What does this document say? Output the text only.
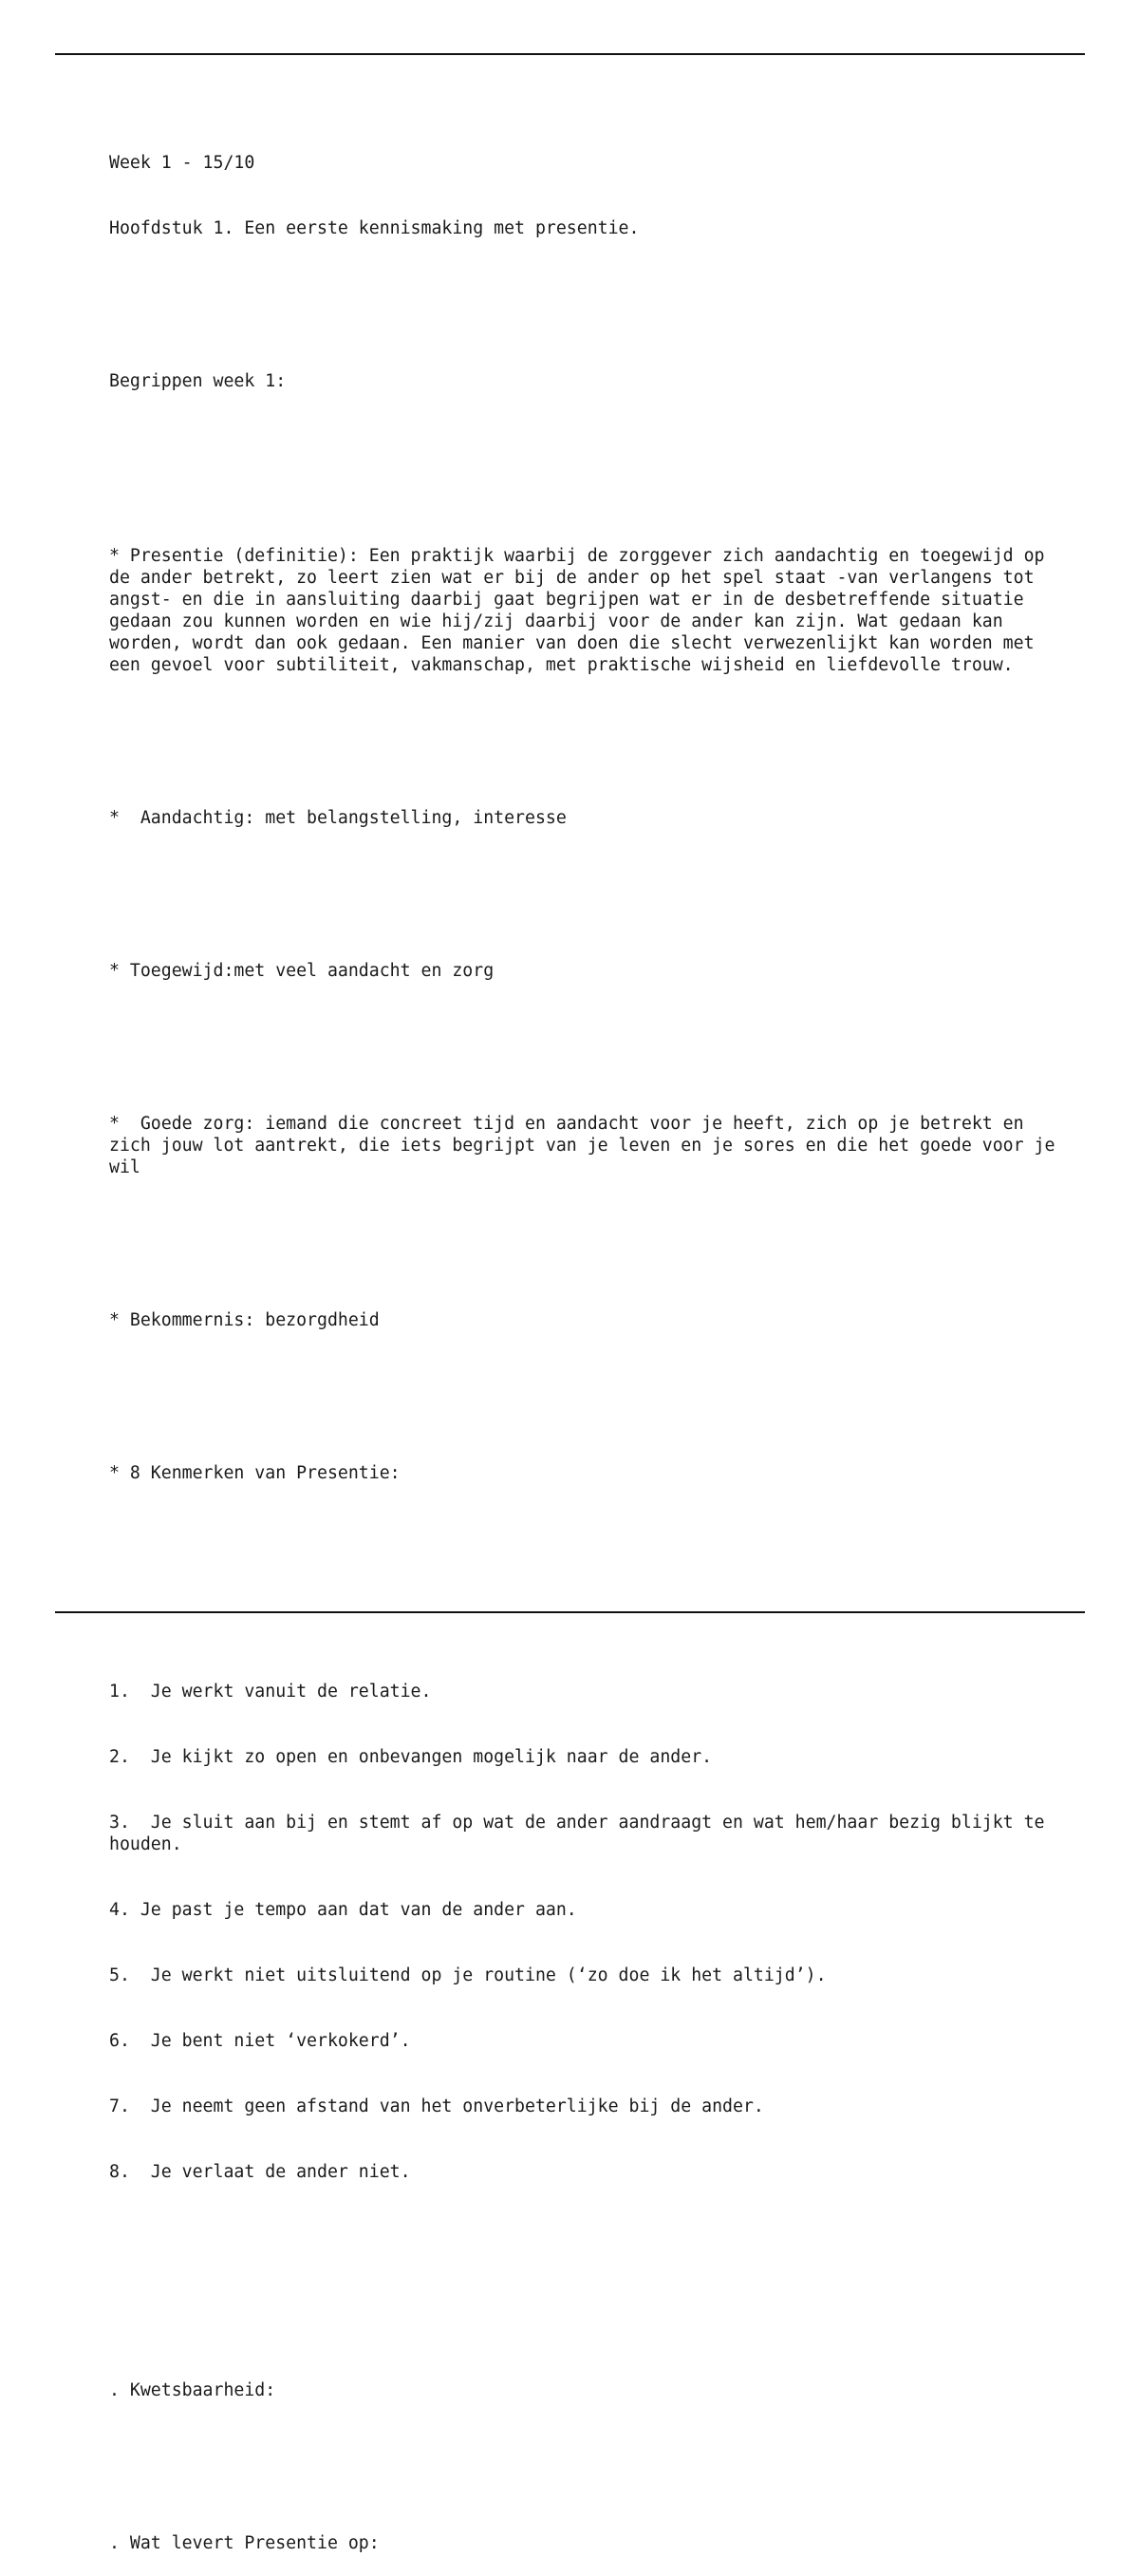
Week 1 - 15/10

Hoofdstuk 1. Een eerste kennismaking met presentie.

Begrippen week 1:

* Presentie (definitie): Een praktijk waarbij de zorggever zich aandachtig en toegewijd op de ander betrekt, zo leert zien wat er bij de ander op het spel staat -van verlangens tot angst- en die in aansluiting daarbij gaat begrijpen wat er in de desbetreffende situatie gedaan zou kunnen worden en wie hij/zij daarbij voor de ander kan zijn. Wat gedaan kan worden, wordt dan ook gedaan. Een manier van doen die slecht verwezenlijkt kan worden met een gevoel voor subtiliteit, vakmanschap, met praktische wijsheid en liefdevolle trouw.

*  Aandachtig: met belangstelling, interesse

* Toegewijd:met veel aandacht en zorg

*  Goede zorg: iemand die concreet tijd en aandacht voor je heeft, zich op je betrekt en zich jouw lot aantrekt, die iets begrijpt van je leven en je sores en die het goede voor je wil

* Bekommernis: bezorgdheid

* 8 Kenmerken van Presentie:

1.  Je werkt vanuit de relatie.

2.  Je kijkt zo open en onbevangen mogelijk naar de ander.

3.  Je sluit aan bij en stemt af op wat de ander aandraagt en wat hem/haar bezig blijkt te houden.

4. Je past je tempo aan dat van de ander aan.

5.  Je werkt niet uitsluitend op je routine (‘zo doe ik het altijd’).

6.  Je bent niet ‘verkokerd’.

7.  Je neemt geen afstand van het onverbeterlijke bij de ander.

8.  Je verlaat de ander niet.

. Kwetsbaarheid:

. Wat levert Presentie op:
